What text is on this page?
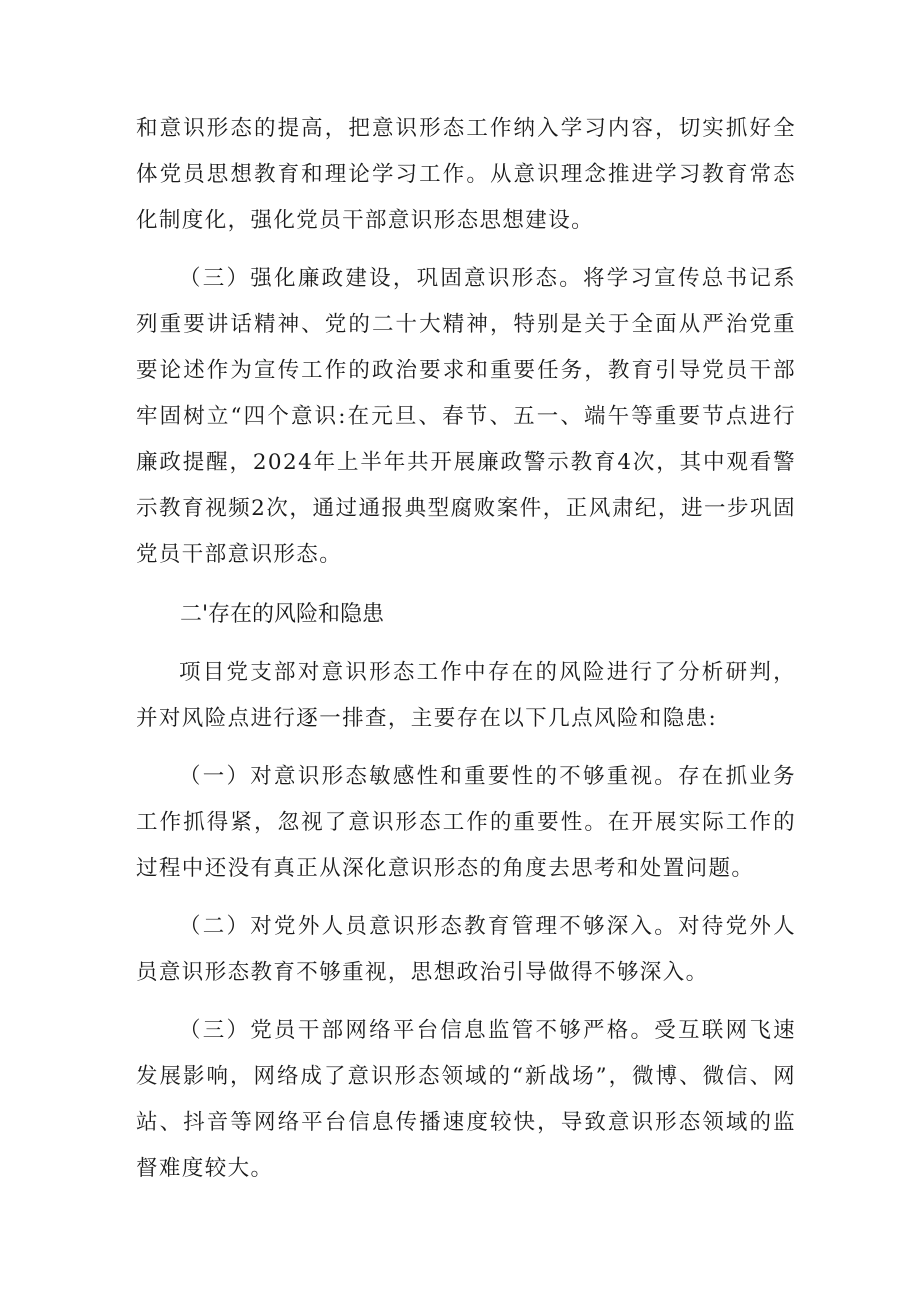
和意识形态的提高，把意识形态工作纳入学习内容，切实抓好全体党员思想教育和理论学习工作。从意识理念推进学习教育常态化制度化，强化党员干部意识形态思想建设。

（三）强化廉政建设，巩固意识形态。将学习宣传总书记系列重要讲话精神、党的二十大精神，特别是关于全面从严治党重要论述作为宣传工作的政治要求和重要任务，教育引导党员干部牢固树立“四个意识:在元旦、春节、五一、端午等重要节点进行廉政提醒，2024年上半年共开展廉政警示教育4次，其中观看警示教育视频2次，通过通报典型腐败案件，正风肃纪，进一步巩固党员干部意识形态。

二'存在的风险和隐患

项目党支部对意识形态工作中存在的风险进行了分析研判，并对风险点进行逐一排查，主要存在以下几点风险和隐患:

（一）对意识形态敏感性和重要性的不够重视。存在抓业务工作抓得紧，忽视了意识形态工作的重要性。在开展实际工作的过程中还没有真正从深化意识形态的角度去思考和处置问题。

（二）对党外人员意识形态教育管理不够深入。对待党外人员意识形态教育不够重视，思想政治引导做得不够深入。

（三）党员干部网络平台信息监管不够严格。受互联网飞速发展影响，网络成了意识形态领域的“新战场”，微博、微信、网站、抖音等网络平台信息传播速度较快，导致意识形态领域的监督难度较大。
